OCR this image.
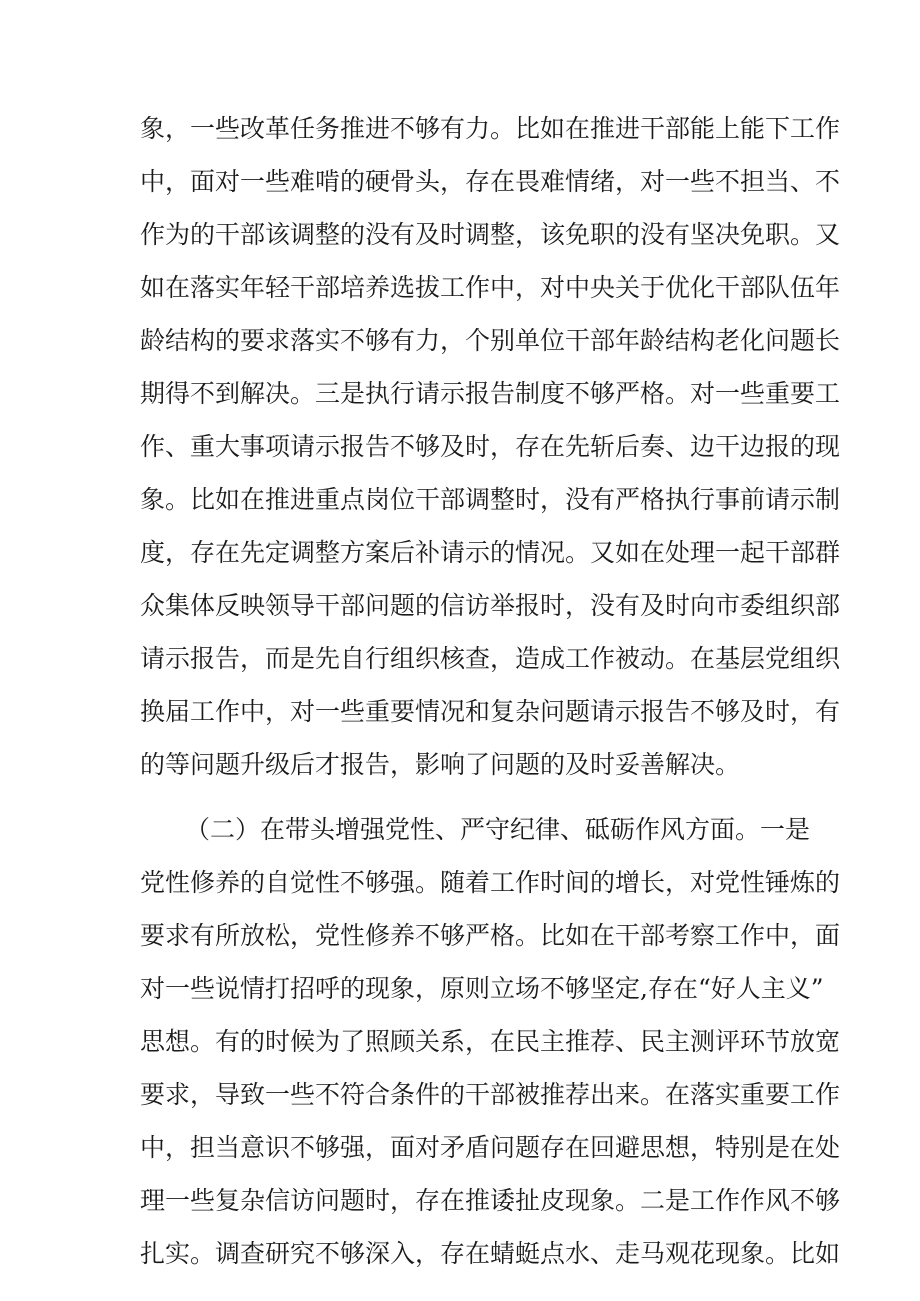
象，一些改革任务推进不够有力。比如在推进干部能上能下工作
中，面对一些难啃的硬骨头，存在畏难情绪，对一些不担当、不
作为的干部该调整的没有及时调整，该免职的没有坚决免职。又
如在落实年轻干部培养选拔工作中，对中央关于优化干部队伍年
龄结构的要求落实不够有力，个别单位干部年龄结构老化问题长
期得不到解决。三是执行请示报告制度不够严格。对一些重要工
作、重大事项请示报告不够及时，存在先斩后奏、边干边报的现
象。比如在推进重点岗位干部调整时，没有严格执行事前请示制
度，存在先定调整方案后补请示的情况。又如在处理一起干部群
众集体反映领导干部问题的信访举报时，没有及时向市委组织部
请示报告，而是先自行组织核查，造成工作被动。在基层党组织
换届工作中，对一些重要情况和复杂问题请示报告不够及时，有
的等问题升级后才报告，影响了问题的及时妥善解决。
（二）在带头增强党性、严守纪律、砥砺作风方面。一是
党性修养的自觉性不够强。随着工作时间的增长，对党性锤炼的
要求有所放松，党性修养不够严格。比如在干部考察工作中，面
对一些说情打招呼的现象，原则立场不够坚定,存在“好人主义”
思想。有的时候为了照顾关系，在民主推荐、民主测评环节放宽
要求，导致一些不符合条件的干部被推荐出来。在落实重要工作
中，担当意识不够强，面对矛盾问题存在回避思想，特别是在处
理一些复杂信访问题时，存在推诿扯皮现象。二是工作作风不够
扎实。调查研究不够深入，存在蜻蜓点水、走马观花现象。比如
